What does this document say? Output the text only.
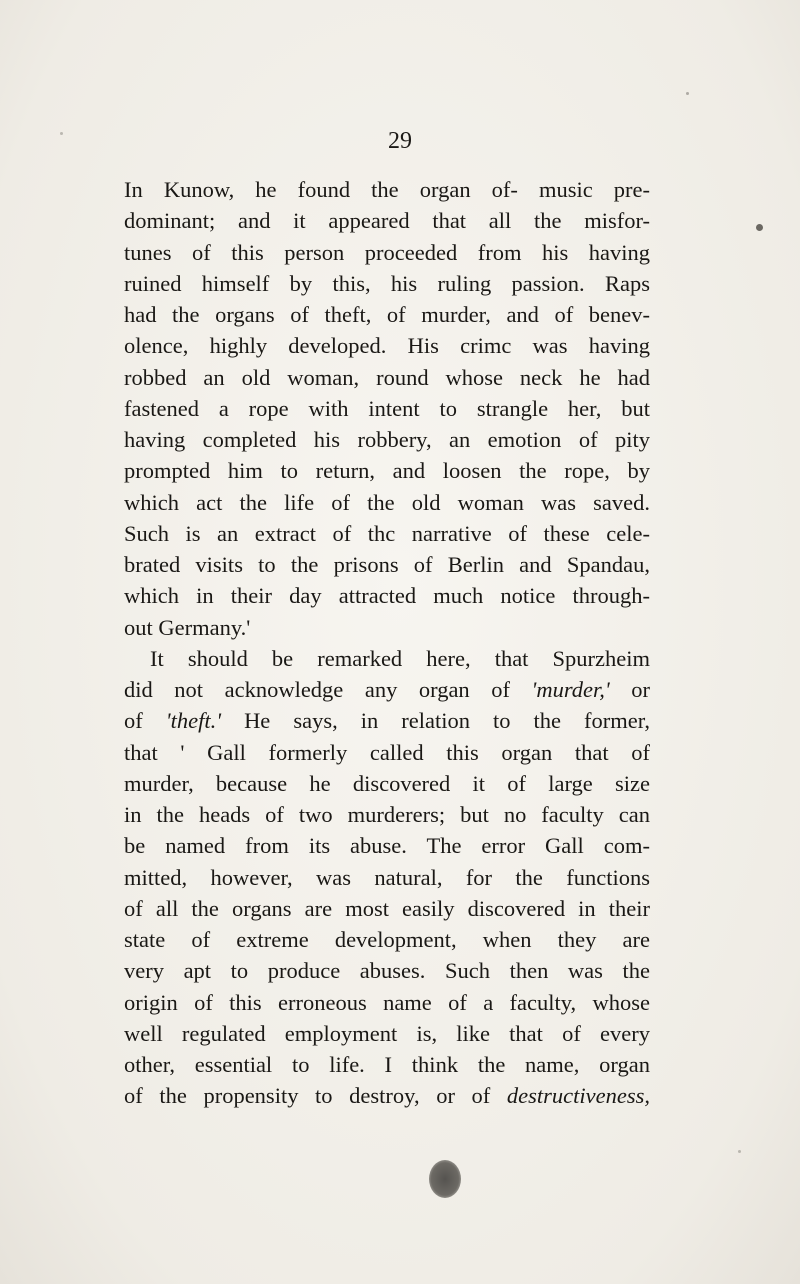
29
In Kunow, he found the organ of- music pre-
dominant; and it appeared that all the misfor-
tunes of this person proceeded from his having
ruined himself by this, his ruling passion. Raps
had the organs of theft, of murder, and of benev-
olence, highly developed. His crimc was having
robbed an old woman, round whose neck he had
fastened a rope with intent to strangle her, but
having completed his robbery, an emotion of pity
prompted him to return, and loosen the rope, by
which act the life of the old woman was saved.
Such is an extract of thc narrative of these cele-
brated visits to the prisons of Berlin and Spandau,
which in their day attracted much notice through-
out Germany.'
It should be remarked here, that Spurzheim
did not acknowledge any organ of 'murder,' or
of 'theft.' He says, in relation to the former,
that ' Gall formerly called this organ that of
murder, because he discovered it of large size
in the heads of two murderers; but no faculty can
be named from its abuse. The error Gall com-
mitted, however, was natural, for the functions
of all the organs are most easily discovered in their
state of extreme development, when they are
very apt to produce abuses. Such then was the
origin of this erroneous name of a faculty, whose
well regulated employment is, like that of every
other, essential to life. I think the name, organ
of the propensity to destroy, or of destructiveness,
